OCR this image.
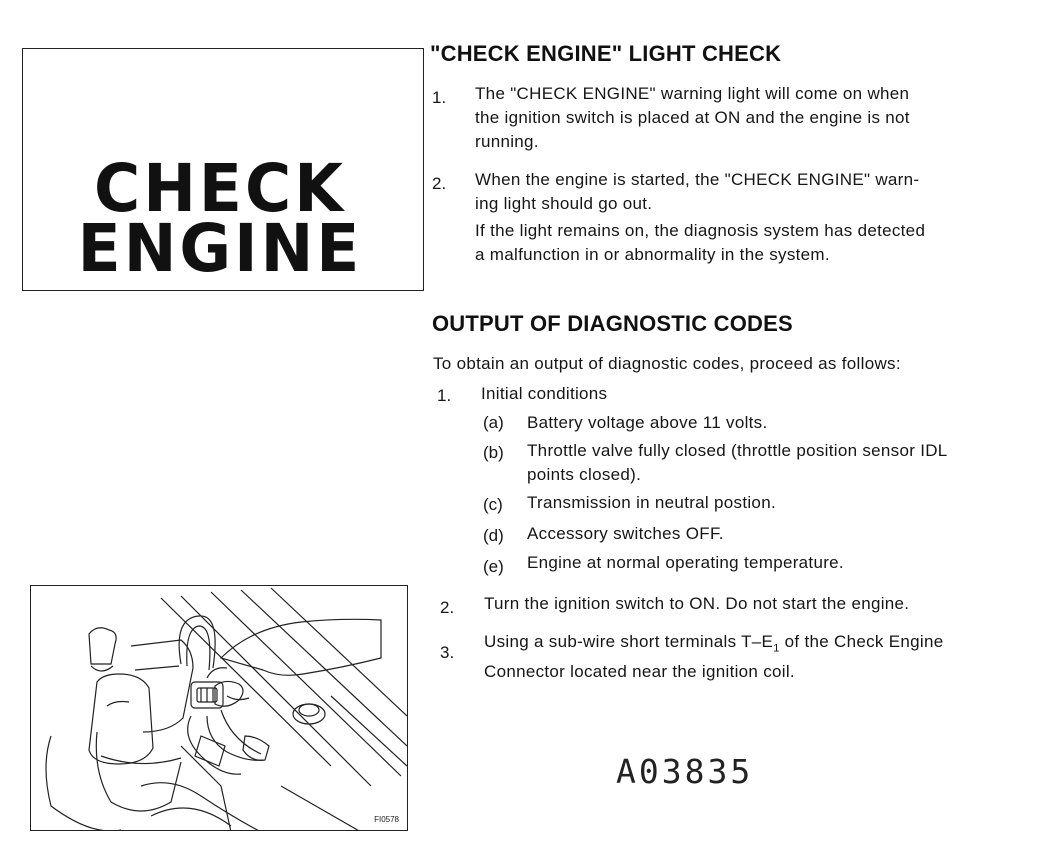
CHECK
ENGINE
FI0578
"CHECK ENGINE" LIGHT CHECK
1. The "CHECK ENGINE" warning light will come on when
the ignition switch is placed at ON and the engine is not
running.
2. When the engine is started, the "CHECK ENGINE" warn-
ing light should go out.
If the light remains on, the diagnosis system has detected
a malfunction in or abnormality in the system.
OUTPUT OF DIAGNOSTIC CODES
To obtain an output of diagnostic codes, proceed as follows:
1. Initial conditions
(a) Battery voltage above 11 volts.
(b) Throttle valve fully closed (throttle position sensor IDL
points closed).
(c) Transmission in neutral postion.
(d) Accessory switches OFF.
(e) Engine at normal operating temperature.
2. Turn the ignition switch to ON. Do not start the engine.
3.
Using a sub-wire short terminals $T-E_1$ of the Check Engine
Connector located near the ignition coil.
A03835
